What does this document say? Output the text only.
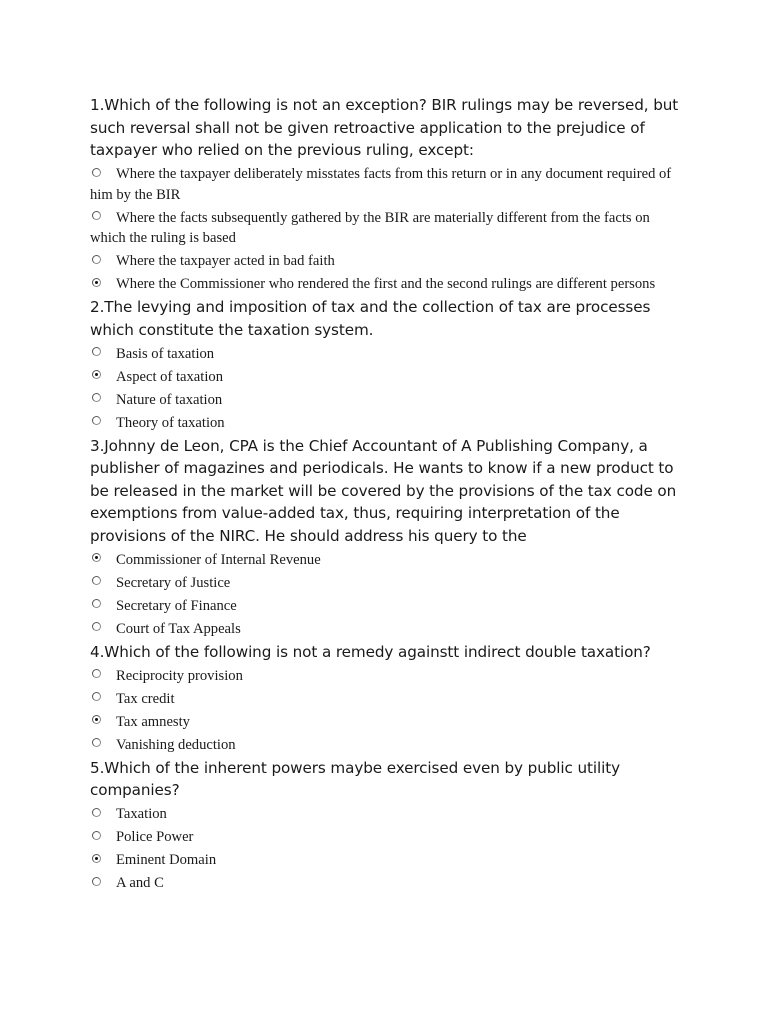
1.Which of the following is not an exception? BIR rulings may be reversed, but such reversal shall not be given retroactive application to the prejudice of taxpayer who relied on the previous ruling, except:

Where the taxpayer deliberately misstates facts from this return or in any document required of him by the BIR
Where the facts subsequently gathered by the BIR are materially different from the facts on which the ruling is based
Where the taxpayer acted in bad faith
Where the Commissioner who rendered the first and the second rulings are different persons

2.The levying and imposition of tax and the collection of tax are processes which constitute the taxation system.

Basis of taxation
Aspect of taxation
Nature of taxation
Theory of taxation

3.Johnny de Leon, CPA is the Chief Accountant of A Publishing Company, a publisher of magazines and periodicals. He wants to know if a new product to be released in the market will be covered by the provisions of the tax code on exemptions from value-added tax, thus, requiring interpretation of the provisions of the NIRC. He should address his query to the

Commissioner of Internal Revenue
Secretary of Justice
Secretary of Finance
Court of Tax Appeals

4.Which of the following is not a remedy againstt indirect double taxation?

Reciprocity provision
Tax credit
Tax amnesty
Vanishing deduction

5.Which of the inherent powers maybe exercised even by public utility companies?

Taxation
Police Power
Eminent Domain
A and C
